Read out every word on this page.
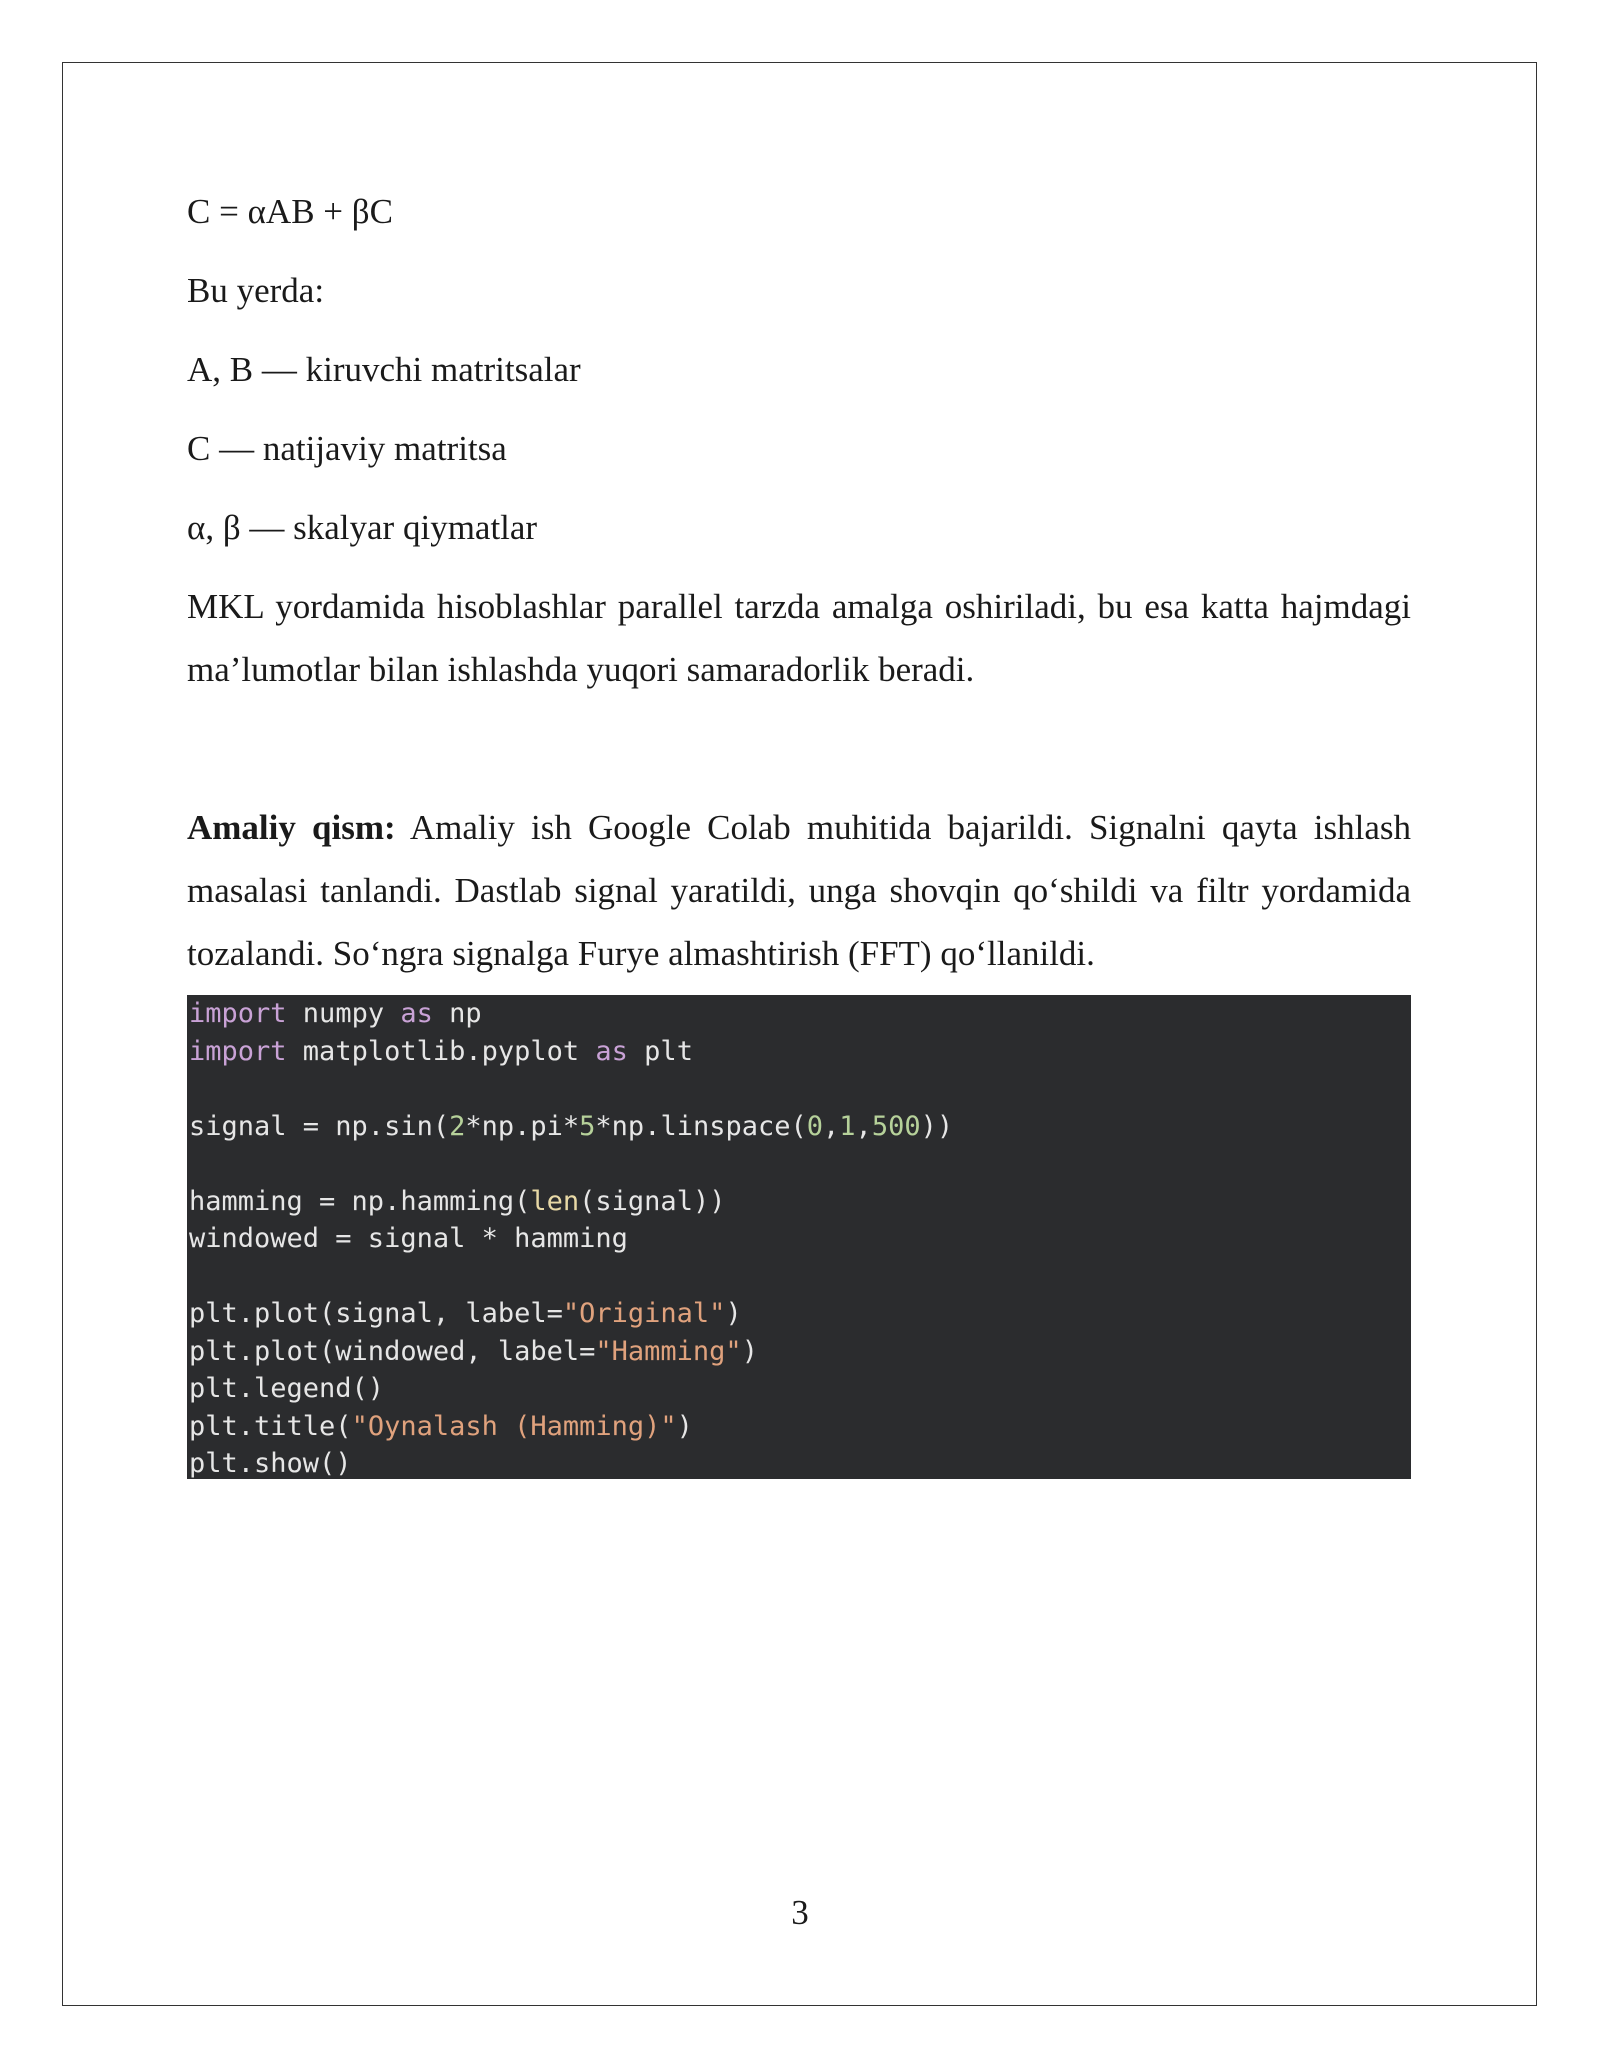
C = αAB + βC

Bu yerda:

A, B — kiruvchi matritsalar

C — natijaviy matritsa

α, β — skalyar qiymatlar

MKL yordamida hisoblashlar parallel tarzda amalga oshiriladi, bu esa katta hajmdagi ma’lumotlar bilan ishlashda yuqori samaradorlik beradi.

Amaliy qism: Amaliy ish Google Colab muhitida bajarildi. Signalni qayta ishlash masalasi tanlandi. Dastlab signal yaratildi, unga shovqin qo‘shildi va filtr yordamida tozalandi. So‘ngra signalga Furye almashtirish (FFT) qo‘llanildi.

import numpy as np
import matplotlib.pyplot as plt

signal = np.sin(2*np.pi*5*np.linspace(0,1,500))

hamming = np.hamming(len(signal))
windowed = signal * hamming

plt.plot(signal, label="Original")
plt.plot(windowed, label="Hamming")
plt.legend()
plt.title("Oynalash (Hamming)")
plt.show()
3
